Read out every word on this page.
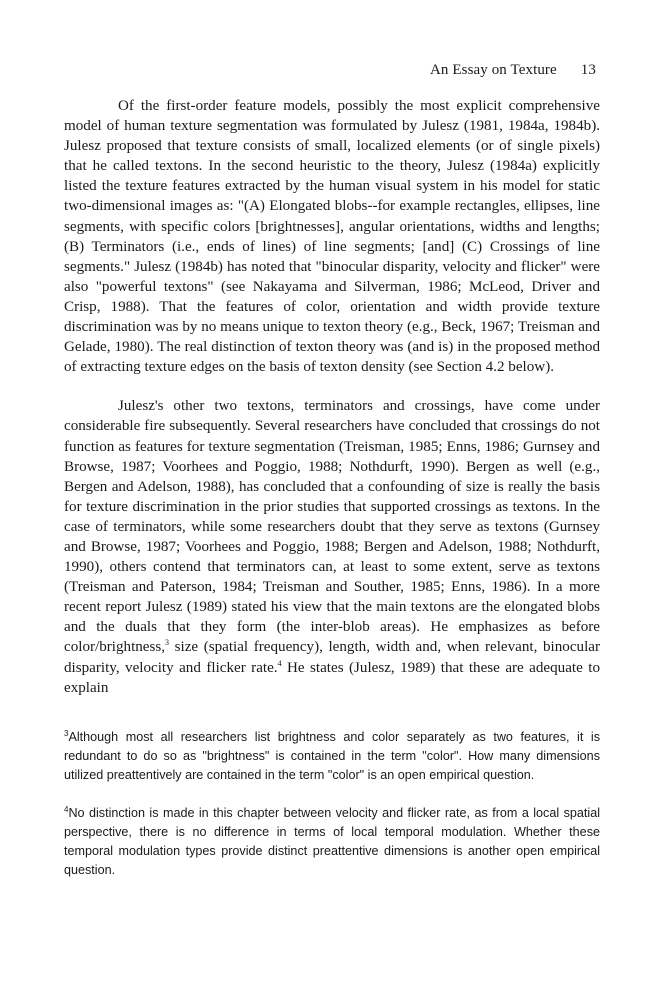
An Essay on Texture 13

Of the first-order feature models, possibly the most explicit comprehensive model of human texture segmentation was formulated by Julesz (1981, 1984a, 1984b). Julesz proposed that texture consists of small, localized elements (or of single pixels) that he called textons. In the second heuristic to the theory, Julesz (1984a) explicitly listed the texture features extracted by the human visual system in his model for static two-dimensional images as: "(A) Elongated blobs--for example rectangles, ellipses, line segments, with specific colors [brightnesses], angular orientations, widths and lengths; (B) Terminators (i.e., ends of lines) of line segments; [and] (C) Crossings of line segments." Julesz (1984b) has noted that "binocular disparity, velocity and flicker" were also "powerful textons" (see Nakayama and Silverman, 1986; McLeod, Driver and Crisp, 1988). That the features of color, orientation and width provide texture discrimination was by no means unique to texton theory (e.g., Beck, 1967; Treisman and Gelade, 1980). The real distinction of texton theory was (and is) in the proposed method of extracting texture edges on the basis of texton density (see Section 4.2 below).

Julesz's other two textons, terminators and crossings, have come under considerable fire subsequently. Several researchers have concluded that crossings do not function as features for texture segmentation (Treisman, 1985; Enns, 1986; Gurnsey and Browse, 1987; Voorhees and Poggio, 1988; Nothdurft, 1990). Bergen as well (e.g., Bergen and Adelson, 1988), has concluded that a confounding of size is really the basis for texture discrimination in the prior studies that supported crossings as textons. In the case of terminators, while some researchers doubt that they serve as textons (Gurnsey and Browse, 1987; Voorhees and Poggio, 1988; Bergen and Adelson, 1988; Nothdurft, 1990), others contend that terminators can, at least to some extent, serve as textons (Treisman and Paterson, 1984; Treisman and Souther, 1985; Enns, 1986). In a more recent report Julesz (1989) stated his view that the main textons are the elongated blobs and the duals that they form (the inter-blob areas). He emphasizes as before color/brightness,$^3$ size (spatial frequency), length, width and, when relevant, binocular disparity, velocity and flicker rate.$^4$ He states (Julesz, 1989) that these are adequate to explain

$^3$Although most all researchers list brightness and color separately as two features, it is redundant to do so as "brightness" is contained in the term "color". How many dimensions utilized preattentively are contained in the term "color" is an open empirical question.

$^4$No distinction is made in this chapter between velocity and flicker rate, as from a local spatial perspective, there is no difference in terms of local temporal modulation. Whether these temporal modulation types provide distinct preattentive dimensions is another open empirical question.
